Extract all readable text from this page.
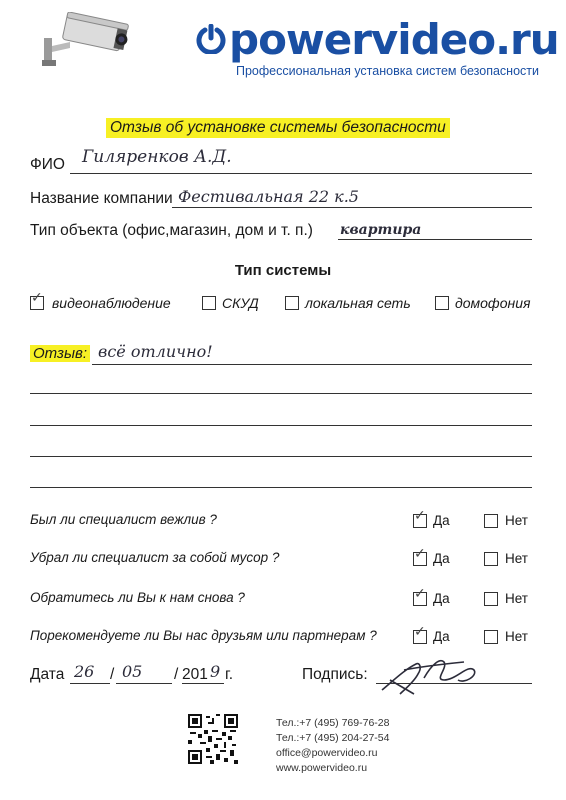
powervideo.ru
Профессиональная установка систем безопасности
Отзыв об установке системы безопасности
ФИО Гиляренков А.Д.
Название компании Фестивальная 22 к.5
Тип объекта (офис,магазин, дом и т. п.) квартира
Тип системы
✓ видеонаблюдение	СКУД	локальная сеть	домофония
Отзыв: всё отлично!
Был ли специалист вежлив ?	✓ Да	Нет
Убрал ли специалист за собой мусор ?	✓ Да	Нет
Обратитесь ли Вы к нам снова ?	✓ Да	Нет
Порекомендуете ли Вы нас друзьям или партнерам ?	✓ Да	Нет
Дата 26 / 05 / 201 9 г.	Подпись:
Тел.:+7 (495) 769-76-28
Тел.:+7 (495) 204-27-54
office@powervideo.ru
www.powervideo.ru
